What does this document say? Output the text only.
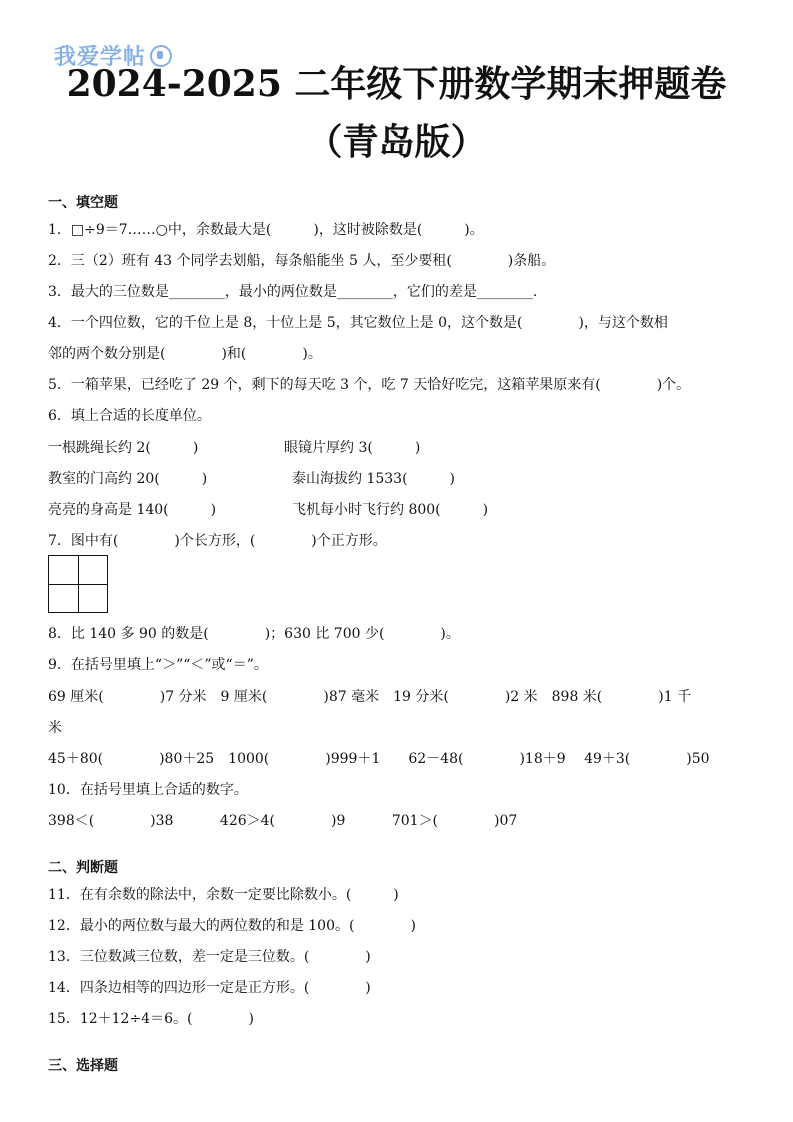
我爱学帖
2024-2025 二年级下册数学期末押题卷
（青岛版）
一、填空题
1．□÷9＝7……○中，余数最大是(　　　)，这时被除数是(　　　)。
2．三（2）班有 43 个同学去划船，每条船能坐 5 人，至少要租(　　　　)条船。
3．最大的三位数是________，最小的两位数是________，它们的差是________.
4．一个四位数，它的千位上是 8，十位上是 5，其它数位上是 0，这个数是(　　　　)，与这个数相
邻的两个数分别是(　　　　)和(　　　　)。
5．一箱苹果，已经吃了 29 个，剩下的每天吃 3 个，吃 7 天恰好吃完，这箱苹果原来有(　　　　)个。
6．填上合适的长度单位。
一根跳绳长约 2(　　　)	眼镜片厚约 3(　　　)
教室的门高约 20(　　　)	泰山海拔约 1533(　　　)
亮亮的身高是 140(　　　)	飞机每小时飞行约 800(　　　)
7．图中有(　　　　)个长方形，(　　　　)个正方形。
8．比 140 多 90 的数是(　　　　)；630 比 700 少(　　　　)。
9．在括号里填上“＞”“＜”或“＝”。
69 厘米(　　　　)7 分米　9 厘米(　　　　)87 毫米　19 分米(　　　　)2 米　898 米(　　　　)1 千
米
45＋80(　　　　)80＋25　1000(　　　　)999＋1　　62－48(　　　　)18＋9　 49＋3(　　　　)50
10．在括号里填上合适的数字。
398＜(　　　　)38　　　 426＞4(　　　　)9　　　 701＞(　　　　)07
二、判断题
11．在有余数的除法中，余数一定要比除数小。(　　　)
12．最小的两位数与最大的两位数的和是 100。(　　　　)
13．三位数减三位数，差一定是三位数。(　　　　)
14．四条边相等的四边形一定是正方形。(　　　　)
15．12＋12÷4＝6。(　　　　)
三、选择题
